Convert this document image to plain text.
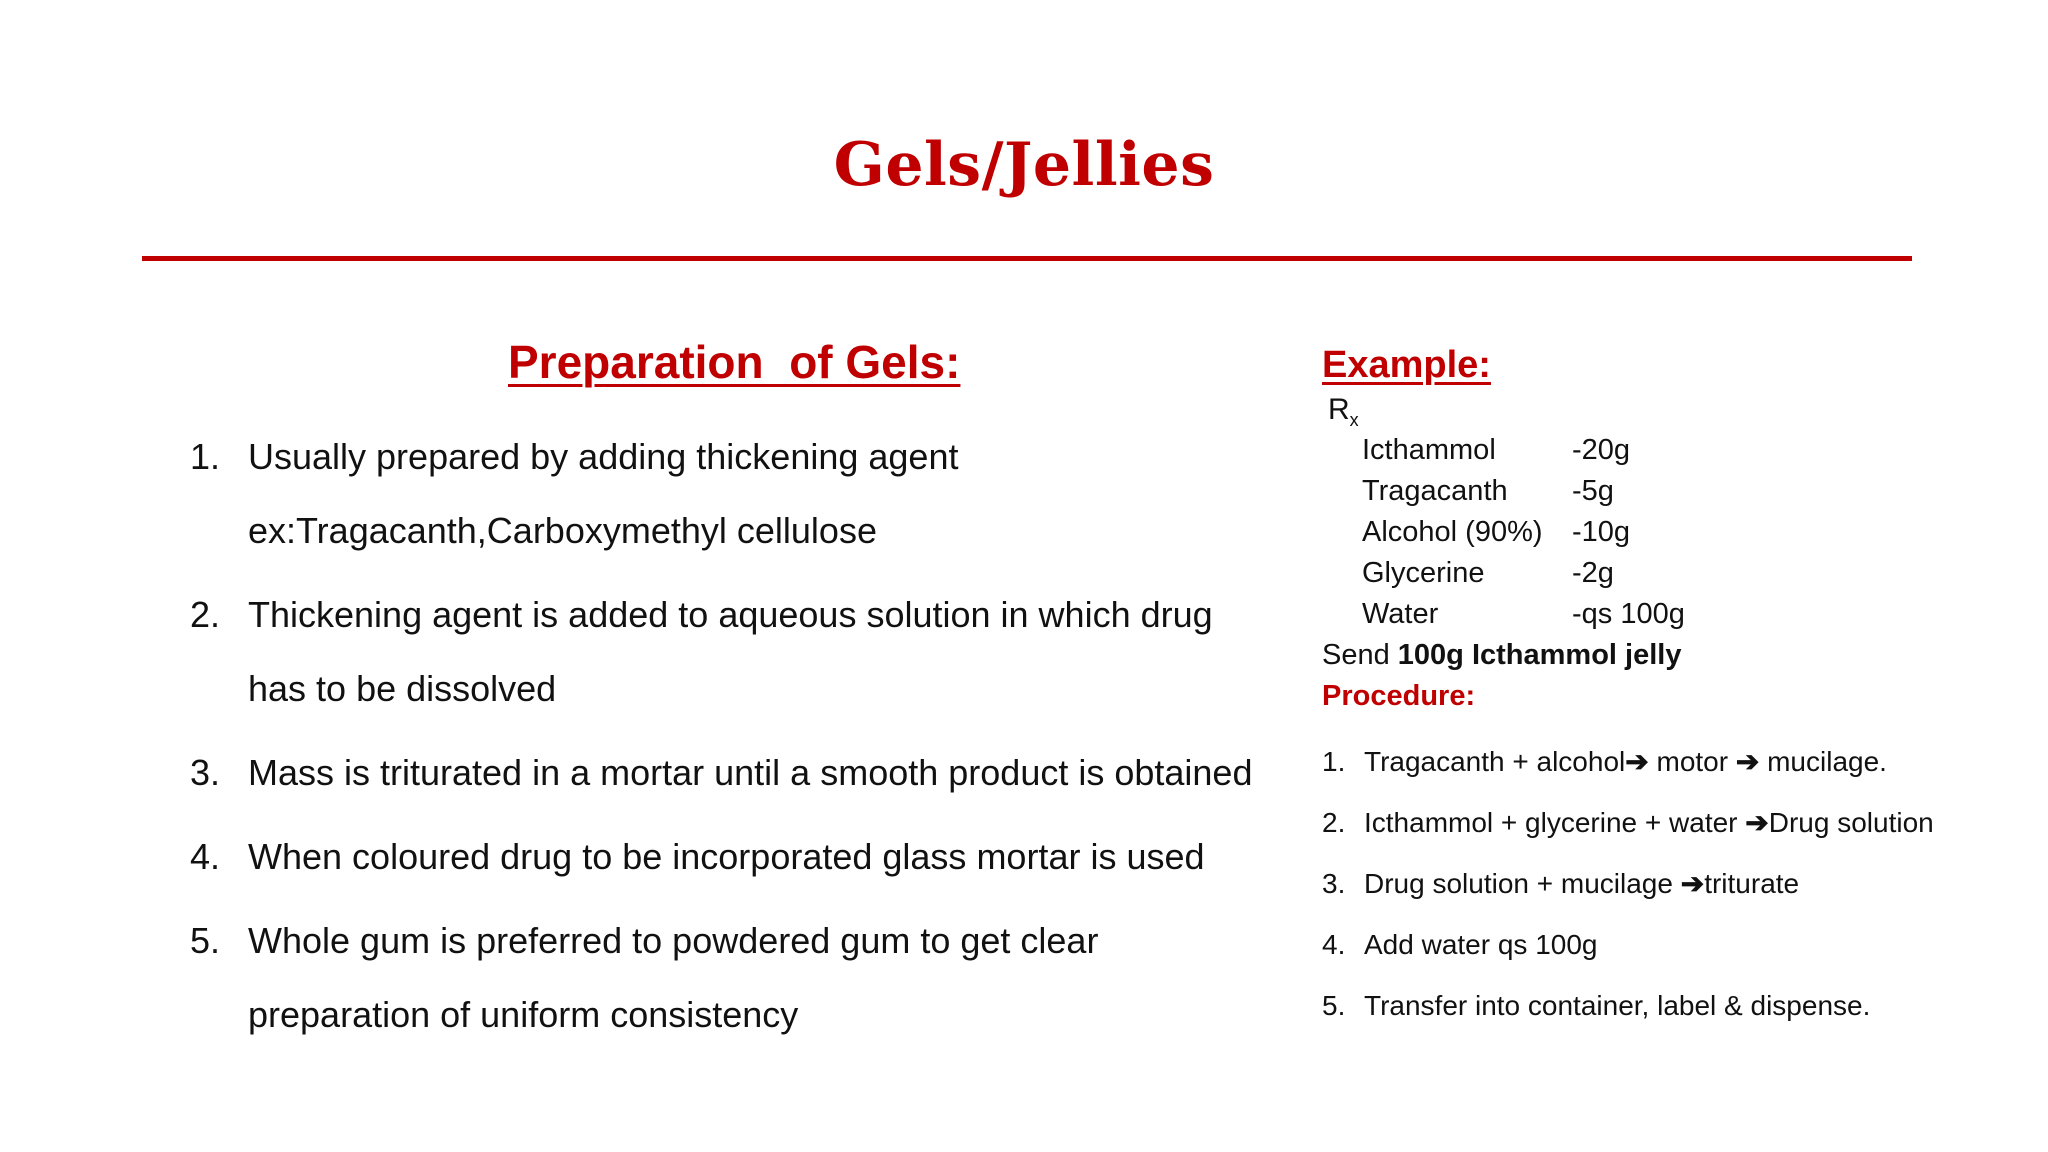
Gels/Jellies
Preparation  of Gels:
1. Usually prepared by adding thickening agent ex:Tragacanth,Carboxymethyl cellulose
2. Thickening agent is added to aqueous solution in which drug has to be dissolved
3. Mass is triturated in a mortar until a smooth product is obtained
4. When coloured drug to be incorporated glass mortar is used
5. Whole gum is preferred to powdered gum to get clear preparation of uniform consistency
Example:
$R_x$
Icthammol	-20g
Tragacanth	-5g
Alcohol (90%)	-10g
Glycerine	-2g
Water	-qs 100g
Send 100g Icthammol jelly
Procedure:
1. Tragacanth + alcohol➔ motor ➔ mucilage.
2. Icthammol + glycerine + water ➔Drug solution
3. Drug solution + mucilage ➔triturate
4. Add water qs 100g
5. Transfer into container, label & dispense.
